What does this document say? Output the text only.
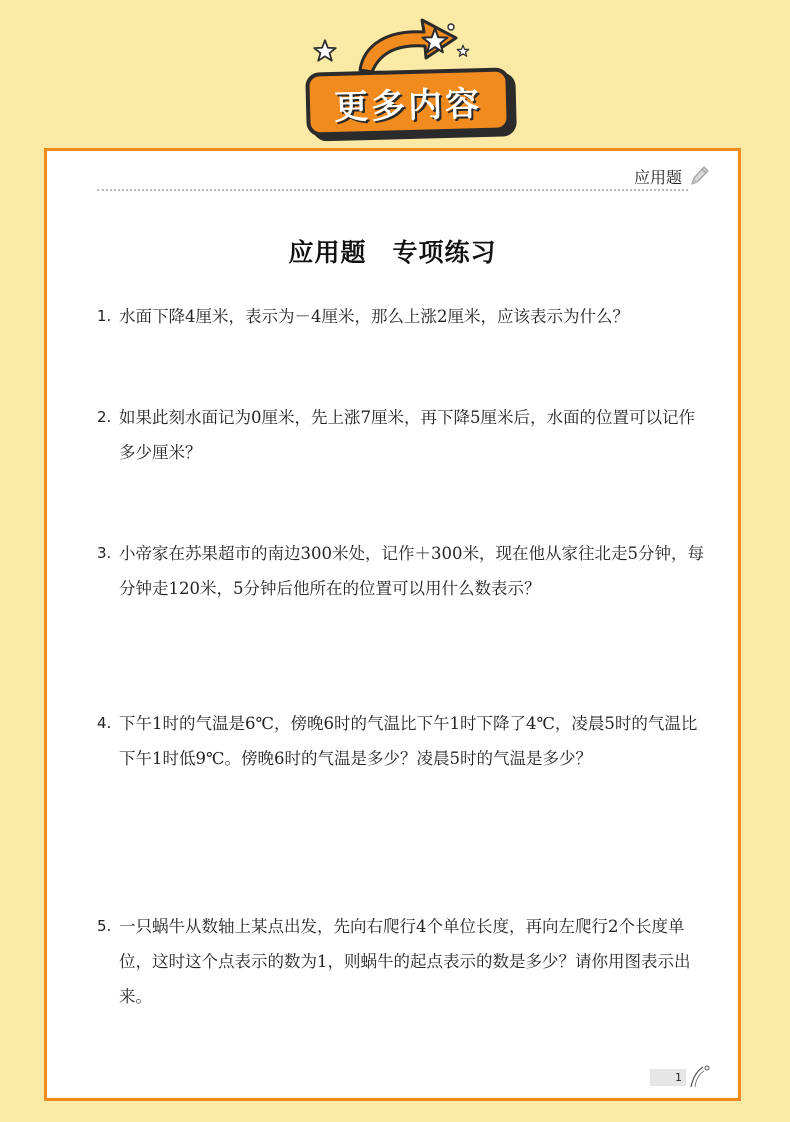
更多内容
应用题
应用题　专项练习
1. 水面下降4厘米，表示为－4厘米，那么上涨2厘米，应该表示为什么？
2. 如果此刻水面记为0厘米，先上涨7厘米，再下降5厘米后，水面的位置可以记作多少厘米？
3. 小帝家在苏果超市的南边300米处，记作＋300米，现在他从家往北走5分钟，每分钟走120米，5分钟后他所在的位置可以用什么数表示？
4. 下午1时的气温是6℃，傍晚6时的气温比下午1时下降了4℃，凌晨5时的气温比下午1时低9℃。傍晚6时的气温是多少？凌晨5时的气温是多少？
5. 一只蜗牛从数轴上某点出发，先向右爬行4个单位长度，再向左爬行2个长度单位，这时这个点表示的数为1，则蜗牛的起点表示的数是多少？请你用图表示出来。
1
